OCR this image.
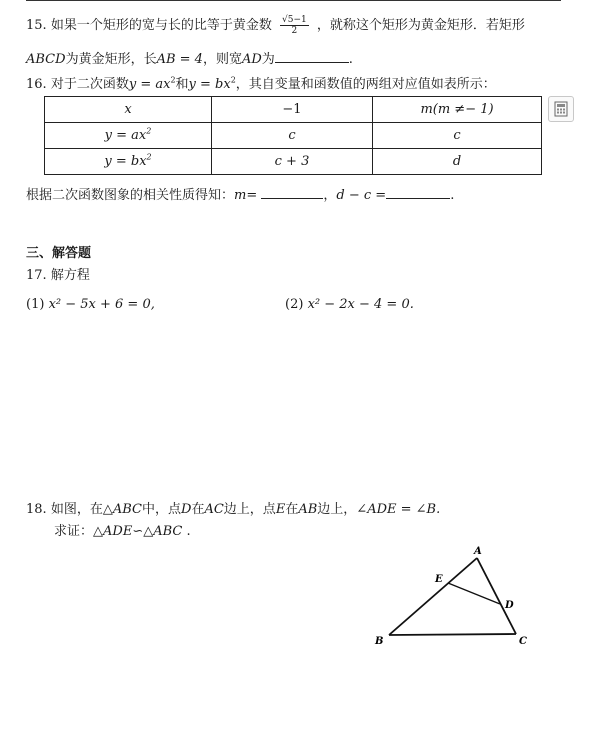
15. 如果一个矩形的宽与长的比等于黄金数 $\frac{√5-1}{2}$ ，就称这个矩形为黄金矩形．若矩形
ABCD为黄金矩形，长AB = 4，则宽AD为	.
16. 对于二次函数$y = ax^2$和$y = bx^2$，其自变量和函数值的两组对应值如表所示：
x	−1	m(m ≠− 1)
$y = ax^2$	c	c
$y = bx^2$	c + 3	d
根据二次函数图象的相关性质得知：m=	，d − c =	.
三、解答题
17. 解方程
(1) x² − 5x + 6 = 0,	(2) x² − 2x − 4 = 0.
18. 如图，在△ABC中，点D在AC边上，点E在AB边上，∠ADE = ∠B.
求证：△ADE∽△ABC .
A
B	C
D
E
